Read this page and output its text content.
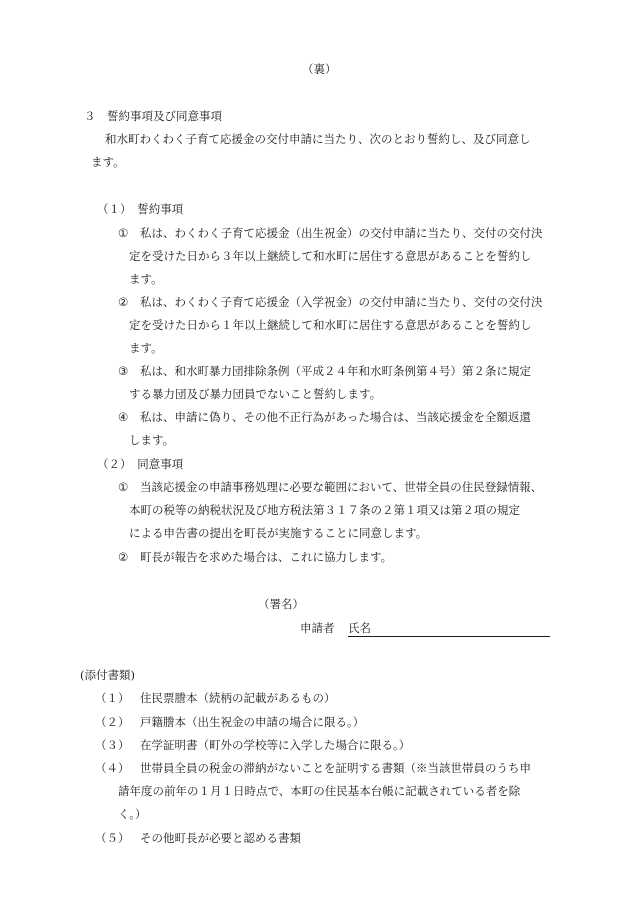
（裏）
３　誓約事項及び同意事項
和水町わくわく子育て応援金の交付申請に当たり、次のとおり誓約し、及び同意し
ます。
（１）　誓約事項
① 私は、わくわく子育て応援金（出生祝金）の交付申請に当たり、交付の交付決
定を受けた日から３年以上継続して和水町に居住する意思があることを誓約し
ます。
② 私は、わくわく子育て応援金（入学祝金）の交付申請に当たり、交付の交付決
定を受けた日から１年以上継続して和水町に居住する意思があることを誓約し
ます。
③ 私は、和水町暴力団排除条例（平成２４年和水町条例第４号）第２条に規定
する暴力団及び暴力団員でないこと誓約します。
④ 私は、申請に偽り、その他不正行為があった場合は、当該応援金を全額返還
します。
（２）　同意事項
① 当該応援金の申請事務処理に必要な範囲において、世帯全員の住民登録情報、
本町の税等の納税状況及び地方税法第３１７条の２第１項又は第２項の規定
による申告書の提出を町長が実施することに同意します。
② 町長が報告を求めた場合は、これに協力します。
（署名）
申請者 氏名
(添付書類)
（１） 住民票謄本（続柄の記載があるもの）
（２） 戸籍謄本（出生祝金の申請の場合に限る。）
（３） 在学証明書（町外の学校等に入学した場合に限る。）
（４） 世帯員全員の税金の滞納がないことを証明する書類（※当該世帯員のうち申
請年度の前年の１月１日時点で、本町の住民基本台帳に記載されている者を除
く。）
（５） その他町長が必要と認める書類
